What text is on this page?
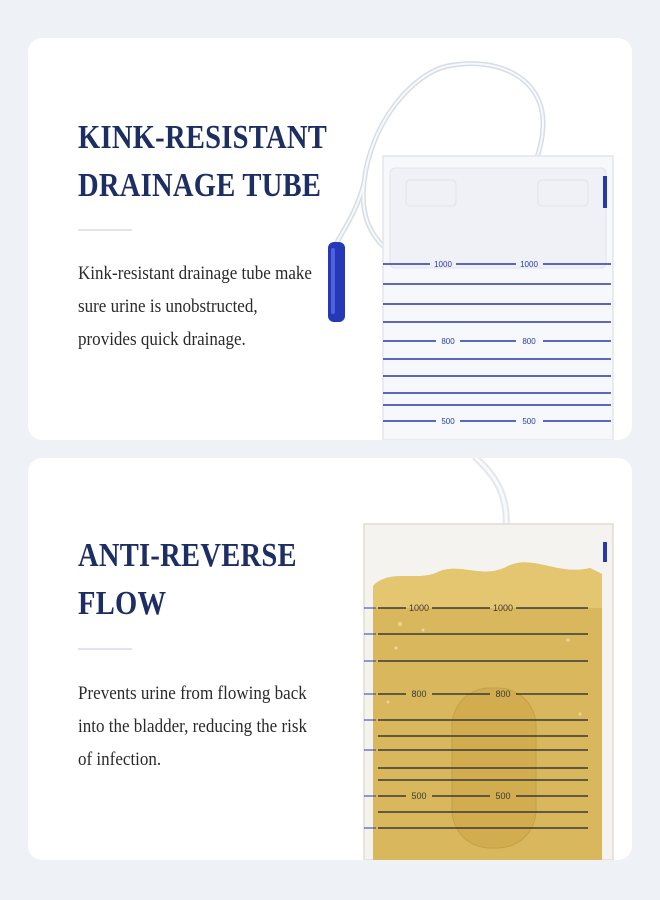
KINK-RESISTANT
DRAINAGE TUBE

Kink-resistant drainage tube make sure urine is unobstructed, provides quick drainage.

1000	1000
800	800
500	500
ANTI-REVERSE
FLOW

Prevents urine from flowing back into the bladder, reducing the risk of infection.

1000	1000
800	800
500	500
